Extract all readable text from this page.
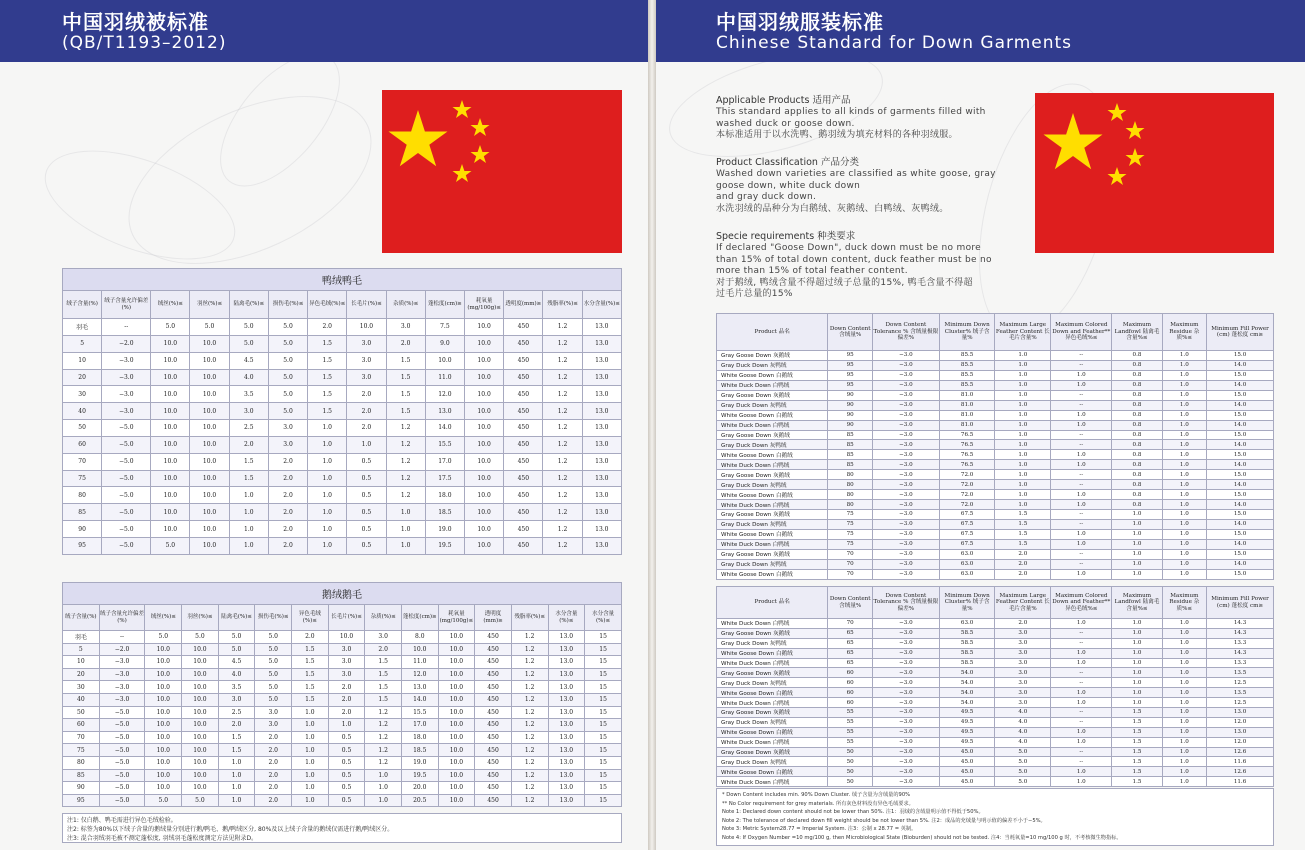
中国羽绒被标准
(QB/T1193–2012)
中国羽绒服装标准
Chinese Standard for Down Garments
Applicable Products 适用产品
This standard applies to all kinds of garments filled with
washed duck or goose down.
本标准适用于以水洗鸭、鹅羽绒为填充材料的各种羽绒服。
Product Classification 产品分类
Washed down varieties are classified as white goose, gray
goose down, white duck down
and gray duck down.
水洗羽绒的品种分为白鹅绒、灰鹅绒、白鸭绒、灰鸭绒。
Specie requirements 种类要求
If declared "Goose Down", duck down must be no more
than 15% of total down content, duck feather must be no
more than 15% of total feather content.
对于鹅绒, 鸭绒含量不得超过绒子总量的15%, 鸭毛含量不得超
过毛片总量的15%
鸭绒鸭毛													
绒子含量(%)	绒子含量允许偏差(%)	绒丝(%)≤	羽丝(%)≤	陆禽毛(%)≤	损伤毛(%)≤	异色毛绒(%)≤	长毛片(%)≤	杂质(%)≤	蓬松度(cm)≥	耗氧量(mg/100g)≤	透明度(mm)≥	残脂率(%)≤	水分含量(%)≤
羽毛	--	5.0	5.0	5.0	5.0	2.0	10.0	3.0	7.5	10.0	450	1.2	13.0
5	−2.0	10.0	10.0	5.0	5.0	1.5	3.0	2.0	9.0	10.0	450	1.2	13.0
10	−3.0	10.0	10.0	4.5	5.0	1.5	3.0	1.5	10.0	10.0	450	1.2	13.0
20	−3.0	10.0	10.0	4.0	5.0	1.5	3.0	1.5	11.0	10.0	450	1.2	13.0
30	−3.0	10.0	10.0	3.5	5.0	1.5	2.0	1.5	12.0	10.0	450	1.2	13.0
40	−3.0	10.0	10.0	3.0	5.0	1.5	2.0	1.5	13.0	10.0	450	1.2	13.0
50	−5.0	10.0	10.0	2.5	3.0	1.0	2.0	1.2	14.0	10.0	450	1.2	13.0
60	−5.0	10.0	10.0	2.0	3.0	1.0	1.0	1.2	15.5	10.0	450	1.2	13.0
70	−5.0	10.0	10.0	1.5	2.0	1.0	0.5	1.2	17.0	10.0	450	1.2	13.0
75	−5.0	10.0	10.0	1.5	2.0	1.0	0.5	1.2	17.5	10.0	450	1.2	13.0
80	−5.0	10.0	10.0	1.0	2.0	1.0	0.5	1.2	18.0	10.0	450	1.2	13.0
85	−5.0	10.0	10.0	1.0	2.0	1.0	0.5	1.0	18.5	10.0	450	1.2	13.0
90	−5.0	10.0	10.0	1.0	2.0	1.0	0.5	1.0	19.0	10.0	450	1.2	13.0
95	−5.0	5.0	10.0	1.0	2.0	1.0	0.5	1.0	19.5	10.0	450	1.2	13.0
鹅绒鹅毛														
绒子含量(%)	绒子含量允许偏差(%)	绒丝(%)≤	羽丝(%)≤	陆禽毛(%)≤	损伤毛(%)≤	异色毛绒(%)≤	长毛片(%)≤	杂质(%)≤	蓬松度(cm)≥	耗氧量(mg/100g)≤	透明度(mm)≥	残脂率(%)≤	水分含量(%)≤	水分含量(%)≤
羽毛	--	5.0	5.0	5.0	5.0	2.0	10.0	3.0	8.0	10.0	450	1.2	13.0	15
5	−2.0	10.0	10.0	5.0	5.0	1.5	3.0	2.0	10.0	10.0	450	1.2	13.0	15
10	−3.0	10.0	10.0	4.5	5.0	1.5	3.0	1.5	11.0	10.0	450	1.2	13.0	15
20	−3.0	10.0	10.0	4.0	5.0	1.5	3.0	1.5	12.0	10.0	450	1.2	13.0	15
30	−3.0	10.0	10.0	3.5	5.0	1.5	2.0	1.5	13.0	10.0	450	1.2	13.0	15
40	−3.0	10.0	10.0	3.0	5.0	1.5	2.0	1.5	14.0	10.0	450	1.2	13.0	15
50	−5.0	10.0	10.0	2.5	3.0	1.0	2.0	1.2	15.5	10.0	450	1.2	13.0	15
60	−5.0	10.0	10.0	2.0	3.0	1.0	1.0	1.2	17.0	10.0	450	1.2	13.0	15
70	−5.0	10.0	10.0	1.5	2.0	1.0	0.5	1.2	18.0	10.0	450	1.2	13.0	15
75	−5.0	10.0	10.0	1.5	2.0	1.0	0.5	1.2	18.5	10.0	450	1.2	13.0	15
80	−5.0	10.0	10.0	1.0	2.0	1.0	0.5	1.2	19.0	10.0	450	1.2	13.0	15
85	−5.0	10.0	10.0	1.0	2.0	1.0	0.5	1.0	19.5	10.0	450	1.2	13.0	15
90	−5.0	10.0	10.0	1.0	2.0	1.0	0.5	1.0	20.0	10.0	450	1.2	13.0	15
95	−5.0	5.0	5.0	1.0	2.0	1.0	0.5	1.0	20.5	10.0	450	1.2	13.0	15
注1: 仅白鹅、鸭毛需进行异色毛绒检验。
注2: 标签为80%以下绒子含量的鹅绒量分别进行鹅/鸭毛、鹅/鸭绒区分, 80%及以上绒子含量的鹅绒仅需进行鹅/鸭绒区分。
注3: 混合羽绒羽毛被不测定蓬松度, 羽绒羽毛蓬松度测定方法见附录D。
Product 品名	Down Content 含绒量%	Down Content Tolerance % 含绒量极限偏差%	Minimum Down Cluster% 绒子含量%	Maximum Large Feather Content 长毛片含量%	Maximum Colored Down and Feather** 异色毛绒%≤	Maximum Landfowl 陆禽毛含量%≤	Maximum Residue 杂质%≤	Minimum Fill Power (cm) 蓬松度 cm≥
Gray Goose Down 灰鹅绒	95	−3.0	85.5	1.0	--	0.8	1.0	15.0
Gray Duck Down 灰鸭绒	95	−3.0	85.5	1.0	--	0.8	1.0	14.0
White Goose Down 白鹅绒	95	−3.0	85.5	1.0	1.0	0.8	1.0	15.0
White Duck Down 白鸭绒	95	−3.0	85.5	1.0	1.0	0.8	1.0	14.0
Gray Goose Down 灰鹅绒	90	−3.0	81.0	1.0	--	0.8	1.0	15.0
Gray Duck Down 灰鸭绒	90	−3.0	81.0	1.0	--	0.8	1.0	14.0
White Goose Down 白鹅绒	90	−3.0	81.0	1.0	1.0	0.8	1.0	15.0
White Duck Down 白鸭绒	90	−3.0	81.0	1.0	1.0	0.8	1.0	14.0
Gray Goose Down 灰鹅绒	85	−3.0	76.5	1.0	--	0.8	1.0	15.0
Gray Duck Down 灰鸭绒	85	−3.0	76.5	1.0	--	0.8	1.0	14.0
White Goose Down 白鹅绒	85	−3.0	76.5	1.0	1.0	0.8	1.0	15.0
White Duck Down 白鸭绒	85	−3.0	76.5	1.0	1.0	0.8	1.0	14.0
Gray Goose Down 灰鹅绒	80	−3.0	72.0	1.0	--	0.8	1.0	15.0
Gray Duck Down 灰鸭绒	80	−3.0	72.0	1.0	--	0.8	1.0	14.0
White Goose Down 白鹅绒	80	−3.0	72.0	1.0	1.0	0.8	1.0	15.0
White Duck Down 白鸭绒	80	−3.0	72.0	1.0	1.0	0.8	1.0	14.0
Gray Goose Down 灰鹅绒	75	−3.0	67.5	1.5	--	1.0	1.0	15.0
Gray Duck Down 灰鸭绒	75	−3.0	67.5	1.5	--	1.0	1.0	14.0
White Goose Down 白鹅绒	75	−3.0	67.5	1.5	1.0	1.0	1.0	15.0
White Duck Down 白鸭绒	75	−3.0	67.5	1.5	1.0	1.0	1.0	14.0
Gray Goose Down 灰鹅绒	70	−3.0	63.0	2.0	--	1.0	1.0	15.0
Gray Duck Down 灰鸭绒	70	−3.0	63.0	2.0	--	1.0	1.0	14.0
White Goose Down 白鹅绒	70	−3.0	63.0	2.0	1.0	1.0	1.0	15.0
Product 品名	Down Content 含绒量%	Down Content Tolerance % 含绒量极限偏差%	Minimum Down Cluster% 绒子含量%	Maximum Large Feather Content 长毛片含量%	Maximum Colored Down and Feather** 异色毛绒%≤	Maximum Landfowl 陆禽毛含量%≤	Maximum Residue 杂质%≤	Minimum Fill Power (cm) 蓬松度 cm≥
White Duck Down 白鸭绒	70	−3.0	63.0	2.0	1.0	1.0	1.0	14.3
Gray Goose Down 灰鹅绒	65	−3.0	58.5	3.0	--	1.0	1.0	14.3
Gray Duck Down 灰鸭绒	65	−3.0	58.5	3.0	--	1.0	1.0	13.3
White Goose Down 白鹅绒	65	−3.0	58.5	3.0	1.0	1.0	1.0	14.3
White Duck Down 白鸭绒	65	−3.0	58.5	3.0	1.0	1.0	1.0	13.3
Gray Goose Down 灰鹅绒	60	−3.0	54.0	3.0	--	1.0	1.0	13.5
Gray Duck Down 灰鸭绒	60	−3.0	54.0	3.0	--	1.0	1.0	12.5
White Goose Down 白鹅绒	60	−3.0	54.0	3.0	1.0	1.0	1.0	13.5
White Duck Down 白鸭绒	60	−3.0	54.0	3.0	1.0	1.0	1.0	12.5
Gray Goose Down 灰鹅绒	55	−3.0	49.5	4.0	--	1.5	1.0	13.0
Gray Duck Down 灰鸭绒	55	−3.0	49.5	4.0	--	1.5	1.0	12.0
White Goose Down 白鹅绒	55	−3.0	49.5	4.0	1.0	1.5	1.0	13.0
White Duck Down 白鸭绒	55	−3.0	49.5	4.0	1.0	1.5	1.0	12.0
Gray Goose Down 灰鹅绒	50	−3.0	45.0	5.0	--	1.5	1.0	12.6
Gray Duck Down 灰鸭绒	50	−3.0	45.0	5.0	--	1.5	1.0	11.6
White Goose Down 白鹅绒	50	−3.0	45.0	5.0	1.0	1.5	1.0	12.6
White Duck Down 白鸭绒	50	−3.0	45.0	5.0	1.0	1.5	1.0	11.6
* Down Content includes min. 90% Down Cluster. 绒子含量为含绒量的90%
** No Color requirement for grey materials. 所有灰色材料没有异色毛绒要求。
Note 1: Declared down content should not be lower than 50%. 注1：羽绒的含绒量明示值不得低于50%。
Note 2: The tolerance of declared down fill weight should be not lower than 5%. 注2：成品的充绒量与明示值的偏差不小于−5%。
Note 3: Metric System28.77 = Imperial System. 注3：公制 x 28.77 = 英制。
Note 4: If Oxygen Number =10 mg/100 g, then Microbiological State (Bioburden) should not be tested. 注4：当耗氧量=10 mg/100 g 时，不考核微生物指标。
